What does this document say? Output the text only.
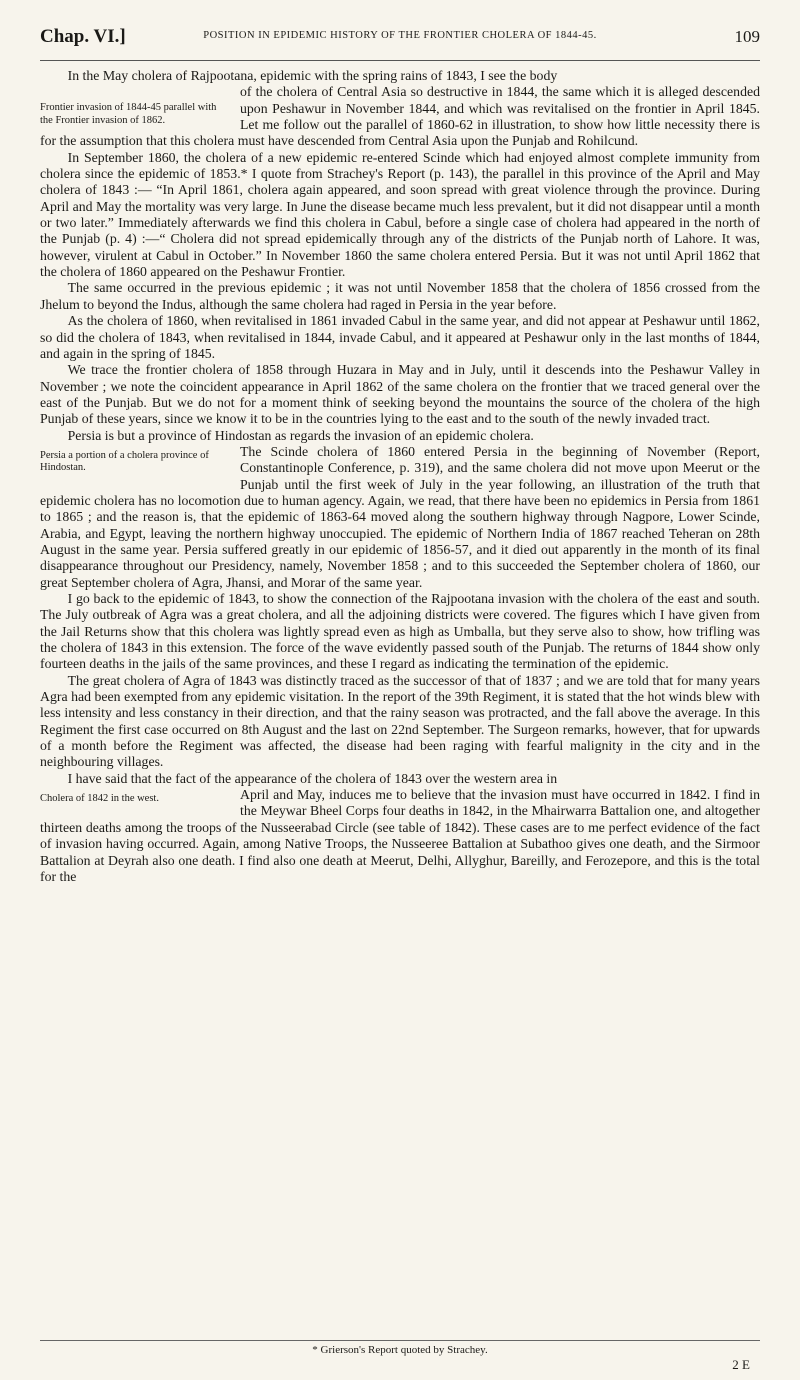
Chap. VI.]	POSITION IN EPIDEMIC HISTORY OF THE FRONTIER CHOLERA OF 1844-45.	109

In the May cholera of Rajpootana, epidemic with the spring rains of 1843, I see the body

Frontier invasion of 1844-45 parallel with the Frontier invasion of 1862.

of the cholera of Central Asia so destructive in 1844, the same which it is alleged descended upon Peshawur in November 1844, and which was revitalised on the frontier in April 1845. Let me follow out the parallel of 1860-62 in illustration, to show how little necessity there is for the assumption that this cholera must have descended from Central Asia upon the Punjab and Rohilcund.

In September 1860, the cholera of a new epidemic re-entered Scinde which had enjoyed almost complete immunity from cholera since the epidemic of 1853.* I quote from Strachey's Report (p. 143), the parallel in this province of the April and May cholera of 1843 :— “In April 1861, cholera again appeared, and soon spread with great violence through the province. During April and May the mortality was very large. In June the disease became much less prevalent, but it did not disappear until a month or two later.” Immediately afterwards we find this cholera in Cabul, before a single case of cholera had appeared in the north of the Punjab (p. 4) :—“ Cholera did not spread epidemically through any of the districts of the Punjab north of Lahore. It was, however, virulent at Cabul in October.” In November 1860 the same cholera entered Persia. But it was not until April 1862 that the cholera of 1860 appeared on the Peshawur Frontier.

The same occurred in the previous epidemic ; it was not until November 1858 that the cholera of 1856 crossed from the Jhelum to beyond the Indus, although the same cholera had raged in Persia in the year before.

As the cholera of 1860, when revitalised in 1861 invaded Cabul in the same year, and did not appear at Peshawur until 1862, so did the cholera of 1843, when revitalised in 1844, invade Cabul, and it appeared at Peshawur only in the last months of 1844, and again in the spring of 1845.

We trace the frontier cholera of 1858 through Huzara in May and in July, until it descends into the Peshawur Valley in November ; we note the coincident appearance in April 1862 of the same cholera on the frontier that we traced general over the east of the Punjab. But we do not for a moment think of seeking beyond the mountains the source of the cholera of the high Punjab of these years, since we know it to be in the countries lying to the east and to the south of the newly invaded tract.

Persia is but a province of Hindostan as regards the invasion of an epidemic cholera.

Persia a portion of a cholera province of Hindostan.

The Scinde cholera of 1860 entered Persia in the beginning of November (Report, Constantinople Conference, p. 319), and the same cholera did not move upon Meerut or the Punjab until the first week of July in the year following, an illustration of the truth that epidemic cholera has no locomotion due to human agency. Again, we read, that there have been no epidemics in Persia from 1861 to 1865 ; and the reason is, that the epidemic of 1863-64 moved along the southern highway through Nagpore, Lower Scinde, Arabia, and Egypt, leaving the northern highway unoccupied. The epidemic of Northern India of 1867 reached Teheran on 28th August in the same year. Persia suffered greatly in our epidemic of 1856-57, and it died out apparently in the month of its final disappearance throughout our Presidency, namely, November 1858 ; and to this succeeded the September cholera of 1860, our great September cholera of Agra, Jhansi, and Morar of the same year.

I go back to the epidemic of 1843, to show the connection of the Rajpootana invasion with the cholera of the east and south. The July outbreak of Agra was a great cholera, and all the adjoining districts were covered. The figures which I have given from the Jail Returns show that this cholera was lightly spread even as high as Umballa, but they serve also to show, how trifling was the cholera of 1843 in this extension. The force of the wave evidently passed south of the Punjab. The returns of 1844 show only fourteen deaths in the jails of the same provinces, and these I regard as indicating the termination of the epidemic.

The great cholera of Agra of 1843 was distinctly traced as the successor of that of 1837 ; and we are told that for many years Agra had been exempted from any epidemic visitation. In the report of the 39th Regiment, it is stated that the hot winds blew with less intensity and less constancy in their direction, and that the rainy season was protracted, and the fall above the average. In this Regiment the first case occurred on 8th August and the last on 22nd September. The Surgeon remarks, however, that for upwards of a month before the Regiment was affected, the disease had been raging with fearful malignity in the city and in the neighbouring villages.

I have said that the fact of the appearance of the cholera of 1843 over the western area in

Cholera of 1842 in the west.	April and May, induces me to believe that the invasion must have occurred in 1842. I find in the Meywar Bheel Corps four deaths in 1842, in the Mhairwarra Battalion one, and altogether thirteen deaths among the troops of the Nusseerabad Circle (see table of 1842). These cases are to me perfect evidence of the fact of invasion having occurred. Again, among Native Troops, the Nusseeree Battalion at Subathoo gives one death, and the Sirmoor Battalion at Deyrah also one death. I find also one death at Meerut, Delhi, Allyghur, Bareilly, and Ferozepore, and this is the total for the

* Grierson's Report quoted by Strachey.
2 E
